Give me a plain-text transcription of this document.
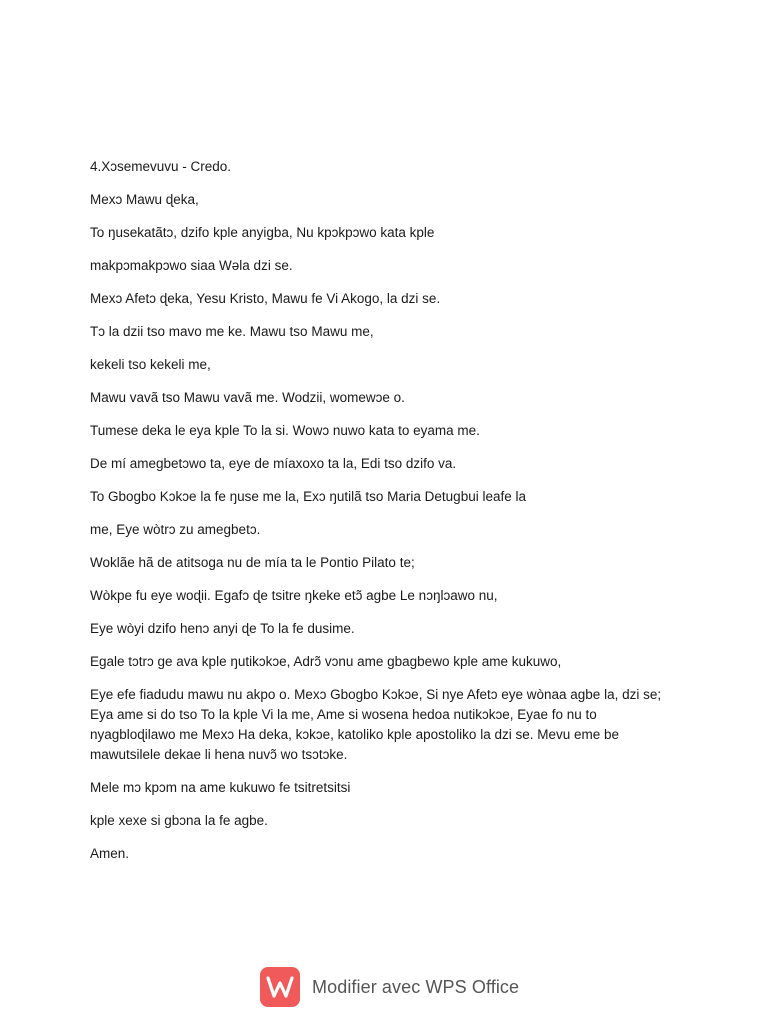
4.Xɔsemevuvu - Credo.

Mexɔ Mawu ɖeka,

To ŋusekatãtɔ, dzifo kple anyigba, Nu kpɔkpɔwo kata kple

makpɔmakpɔwo siaa Wəla dzi se.

Mexɔ Afetɔ ɖeka, Yesu Kristo, Mawu fe Vi Akogo, la dzi se.

Tɔ la dzii tso mavo me ke. Mawu tso Mawu me,

kekeli tso kekeli me,

Mawu vavã tso Mawu vavã me. Wodzii, womewɔe o.

Tumese deka le eya kple To la si. Wowɔ nuwo kata to eyama me.

De mí amegbetɔwo ta, eye de míaxoxo ta la, Edi tso dzifo va.

To Gbogbo Kɔkɔe la fe ŋuse me la, Exɔ ŋutilã tso Maria Detugbui leafe la

me, Eye wòtrɔ zu amegbetɔ.

Woklãe hã de atitsoga nu de mía ta le Pontio Pilato te;

Wòkpe fu eye woɖii. Egafɔ ɖe tsitre ŋkeke etɔ̃ agbe Le nɔŋlɔawo nu,

Eye wòyi dzifo henɔ anyi ɖe To la fe dusime.

Egale tɔtrɔ ge ava kple ŋutikɔkɔe, Adrɔ̃ vɔnu ame gbagbewo kple ame kukuwo,

Eye efe fiadudu mawu nu akpo o. Mexɔ Gbogbo Kɔkɔe, Si nye Afetɔ eye wònaa agbe la, dzi se;
Eya ame si do tso To la kple Vi la me, Ame si wosena hedoa nutikɔkɔe, Eyae fo nu to
nyagbloɖilawo me Mexɔ Ha deka, kɔkɔe, katoliko kple apostoliko la dzi se. Mevu eme be
mawutsilele dekae li hena nuvɔ̃ wo tsɔtɔke.

Mele mɔ kpɔm na ame kukuwo fe tsitretsitsi

kple xexe si gbɔna la fe agbe.

Amen.

Modifier avec WPS Office
